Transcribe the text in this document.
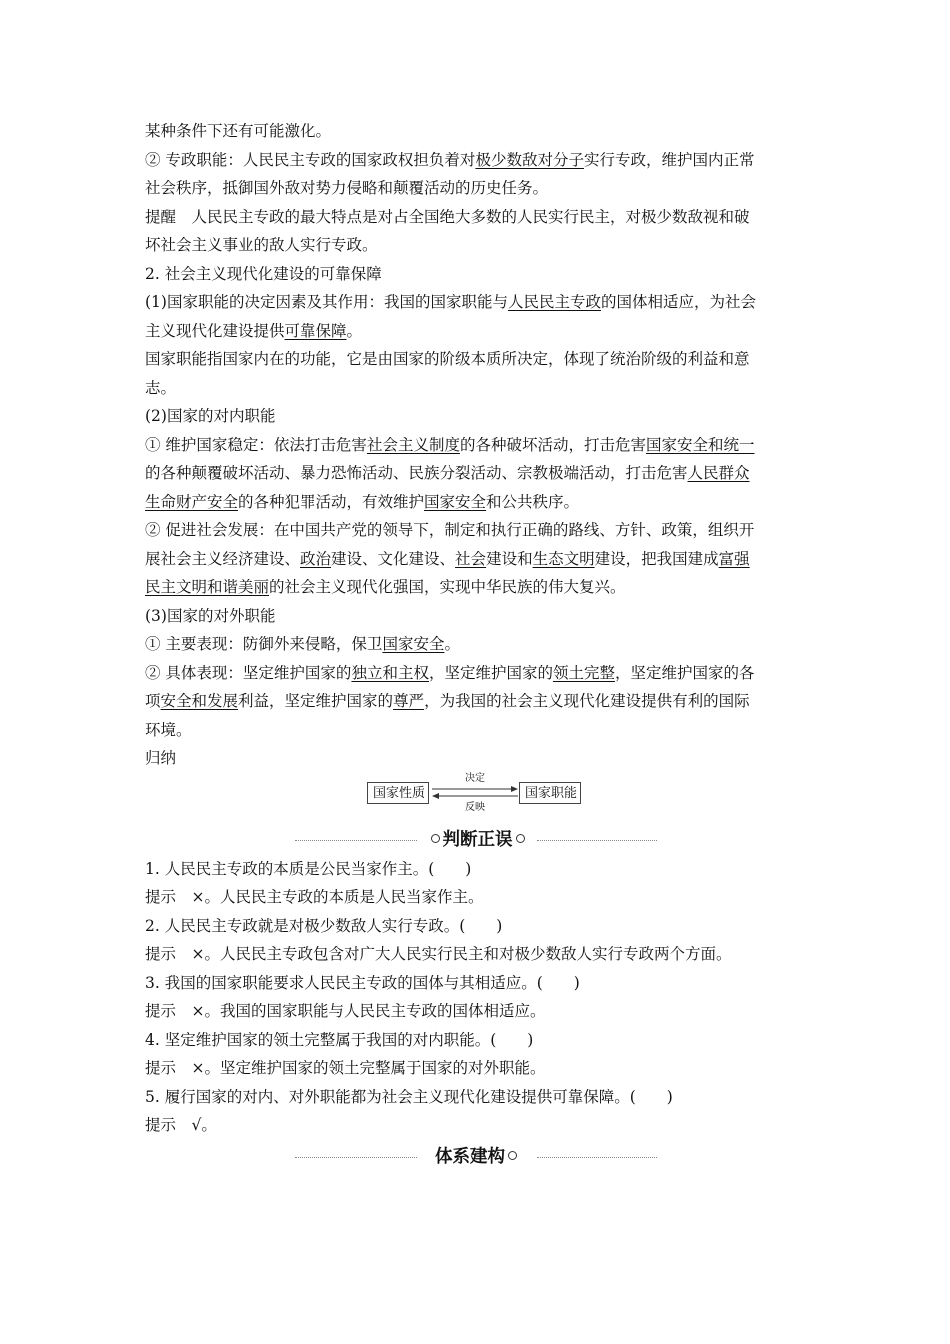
某种条件下还有可能激化。
② 专政职能：人民民主专政的国家政权担负着对极少数敌对分子实行专政，维护国内正常
社会秩序，抵御国外敌对势力侵略和颠覆活动的历史任务。
提醒　人民民主专政的最大特点是对占全国绝大多数的人民实行民主，对极少数敌视和破
坏社会主义事业的敌人实行专政。
2. 社会主义现代化建设的可靠保障
(1)国家职能的决定因素及其作用：我国的国家职能与人民民主专政的国体相适应，为社会
主义现代化建设提供可靠保障。
国家职能指国家内在的功能，它是由国家的阶级本质所决定，体现了统治阶级的利益和意
志。
(2)国家的对内职能
① 维护国家稳定：依法打击危害社会主义制度的各种破坏活动，打击危害国家安全和统一
的各种颠覆破坏活动、暴力恐怖活动、民族分裂活动、宗教极端活动，打击危害人民群众
生命财产安全的各种犯罪活动，有效维护国家安全和公共秩序。
② 促进社会发展：在中国共产党的领导下，制定和执行正确的路线、方针、政策，组织开
展社会主义经济建设、政治建设、文化建设、社会建设和生态文明建设，把我国建成富强
民主文明和谐美丽的社会主义现代化强国，实现中华民族的伟大复兴。
(3)国家的对外职能
① 主要表现：防御外来侵略，保卫国家安全。
② 具体表现：坚定维护国家的独立和主权，坚定维护国家的领土完整，坚定维护国家的各
项安全和发展利益，坚定维护国家的尊严，为我国的社会主义现代化建设提供有利的国际
环境。
归纳
国家性质
决定
反映
国家职能
判断正误
1. 人民民主专政的本质是公民当家作主。(　　)
提示　×。人民民主专政的本质是人民当家作主。
2. 人民民主专政就是对极少数敌人实行专政。(　　)
提示　×。人民民主专政包含对广大人民实行民主和对极少数敌人实行专政两个方面。
3. 我国的国家职能要求人民民主专政的国体与其相适应。(　　)
提示　×。我国的国家职能与人民民主专政的国体相适应。
4. 坚定维护国家的领土完整属于我国的对内职能。(　　)
提示　×。坚定维护国家的领土完整属于国家的对外职能。
5. 履行国家的对内、对外职能都为社会主义现代化建设提供可靠保障。(　　)
提示　√。
体系建构
